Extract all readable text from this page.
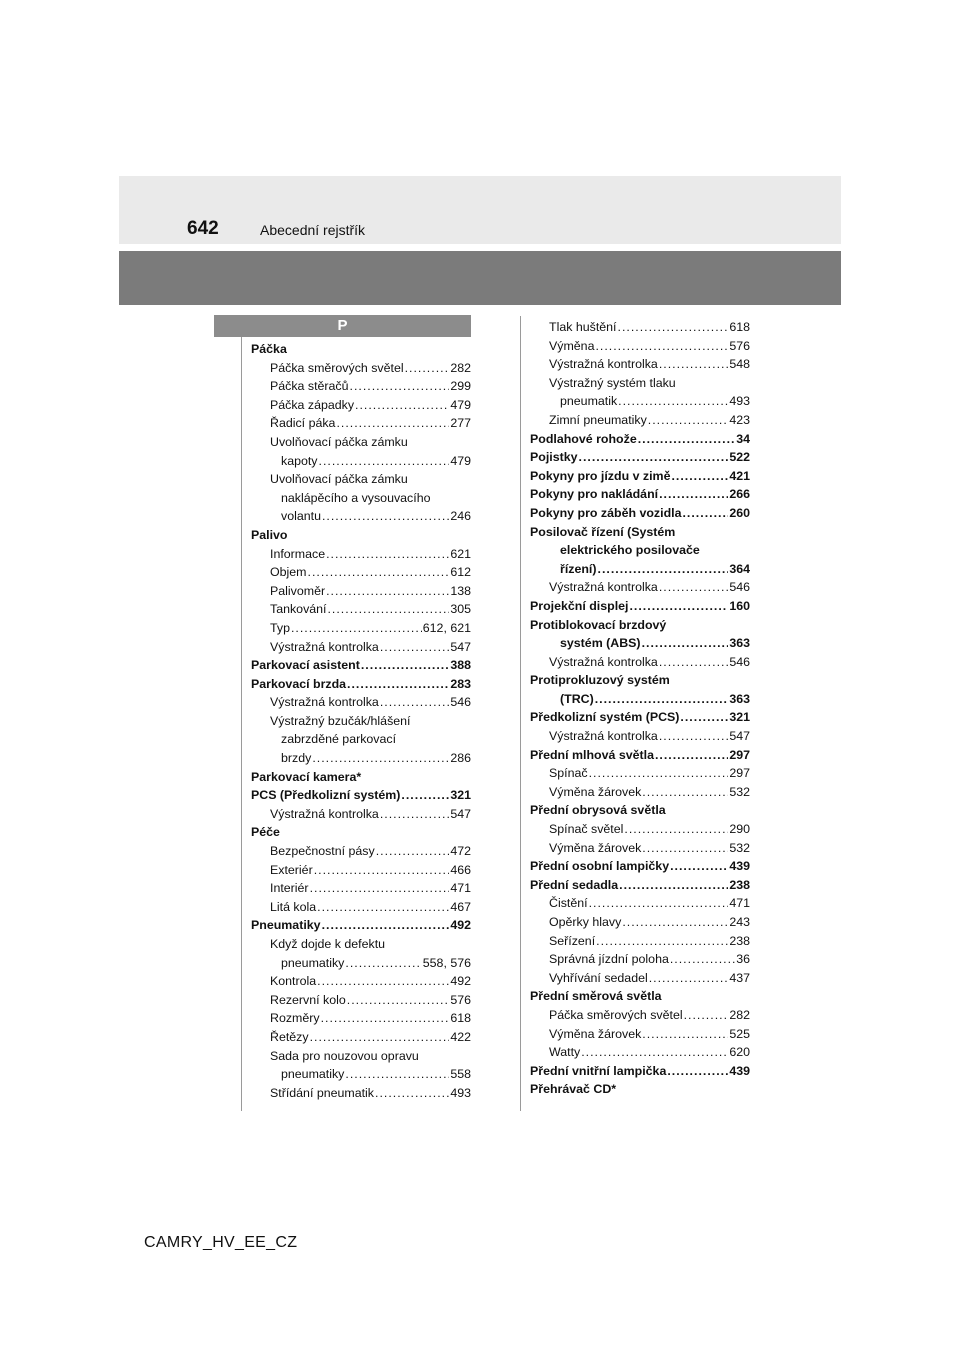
642	Abecední rejstřík
P
Páčka
Páčka směrových světel .....	282
Páčka stěračů .....	299
Páčka západky .....	479
Řadicí páka .....	277
Uvolňovací páčka zámku
kapoty .....	479
Uvolňovací páčka zámku
naklápěcího a vysouvacího
volantu .....	246
Palivo
Informace .....	621
Objem .....	612
Palivoměr .....	138
Tankování .....	305
Typ .....	612, 621
Výstražná kontrolka .....	547
Parkovací asistent .....	388
Parkovací brzda .....	283
Výstražná kontrolka .....	546
Výstražný bzučák/hlášení
zabrzděné parkovací
brzdy .....	286
Parkovací kamera*
PCS (Předkolizní systém) .....	321
Výstražná kontrolka .....	547
Péče
Bezpečnostní pásy .....	472
Exteriér .....	466
Interiér .....	471
Litá kola .....	467
Pneumatiky .....	492
Když dojde k defektu
pneumatiky .....	558, 576
Kontrola .....	492
Rezervní kolo .....	576
Rozměry .....	618
Řetězy .....	422
Sada pro nouzovou opravu
pneumatiky .....	558
Střídání pneumatik .....	493
Tlak huštění .....	618
Výměna .....	576
Výstražná kontrolka .....	548
Výstražný systém tlaku
pneumatik .....	493
Zimní pneumatiky .....	423
Podlahové rohože .....	34
Pojistky .....	522
Pokyny pro jízdu v zimě .....	421
Pokyny pro nakládání .....	266
Pokyny pro záběh vozidla .....	260
Posilovač řízení (Systém
elektrického posilovače
řízení) .....	364
Výstražná kontrolka .....	546
Projekční displej .....	160
Protiblokovací brzdový
systém (ABS) .....	363
Výstražná kontrolka .....	546
Protiprokluzový systém
(TRC) .....	363
Předkolizní systém (PCS) .....	321
Výstražná kontrolka .....	547
Přední mlhová světla .....	297
Spínač .....	297
Výměna žárovek .....	532
Přední obrysová světla
Spínač světel .....	290
Výměna žárovek .....	532
Přední osobní lampičky .....	439
Přední sedadla .....	238
Čistění .....	471
Opěrky hlavy .....	243
Seřízení .....	238
Správná jízdní poloha .....	36
Vyhřívání sedadel .....	437
Přední směrová světla
Páčka směrových světel .....	282
Výměna žárovek .....	525
Watty .....	620
Přední vnitřní lampička .....	439
Přehrávač CD*
CAMRY_HV_EE_CZ
